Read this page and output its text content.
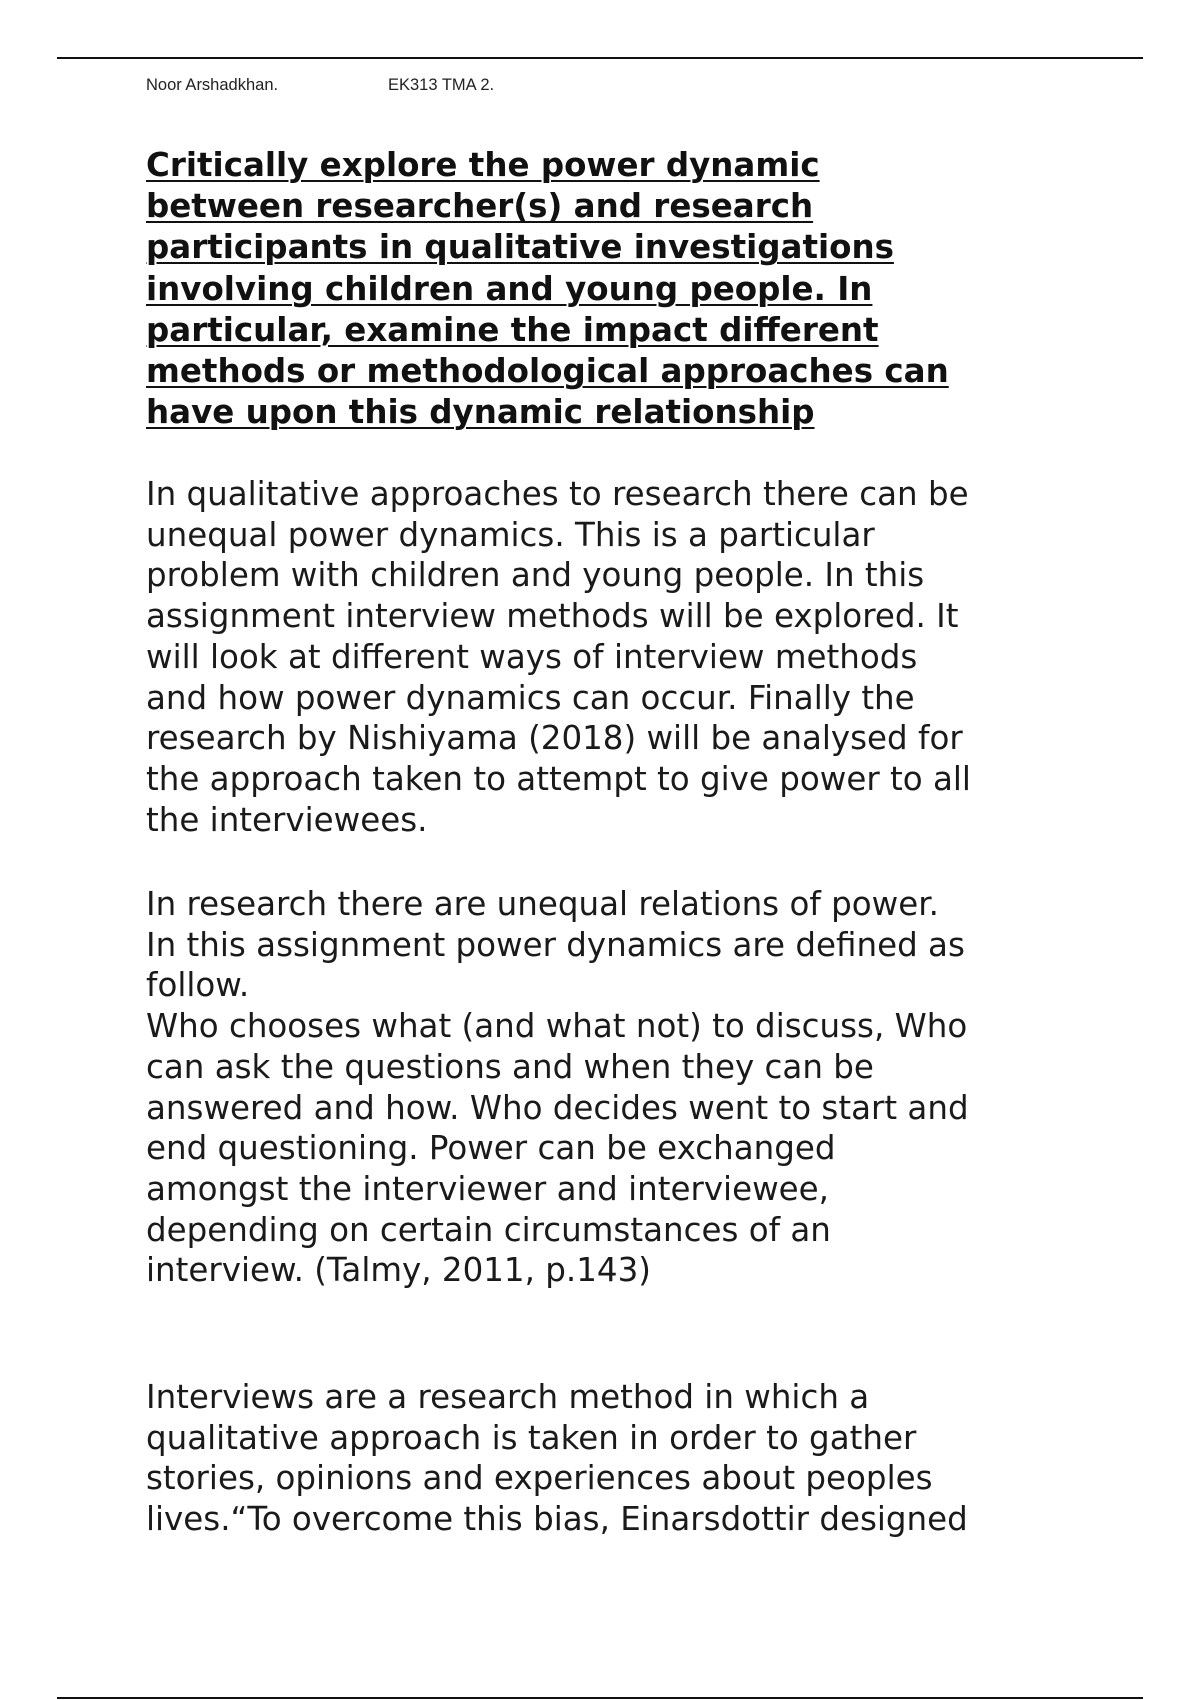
Noor Arshadkhan.	EK313 TMA 2.
Critically explore the power dynamic
between researcher(s) and research
participants in qualitative investigations
involving children and young people. In
particular, examine the impact different
methods or methodological approaches can
have upon this dynamic relationship

In qualitative approaches to research there can be
unequal power dynamics. This is a particular
problem with children and young people. In this
assignment interview methods will be explored. It
will look at different ways of interview methods
and how power dynamics can occur. Finally the
research by Nishiyama (2018) will be analysed for
the approach taken to attempt to give power to all
the interviewees.

In research there are unequal relations of power.
In this assignment power dynamics are defined as
follow.
Who chooses what (and what not) to discuss, Who
can ask the questions and when they can be
answered and how. Who decides went to start and
end questioning. Power can be exchanged
amongst the interviewer and interviewee,
depending on certain circumstances of an
interview. (Talmy, 2011, p.143)

Interviews are a research method in which a
qualitative approach is taken in order to gather
stories, opinions and experiences about peoples
lives.“To overcome this bias, Einarsdottir designed
